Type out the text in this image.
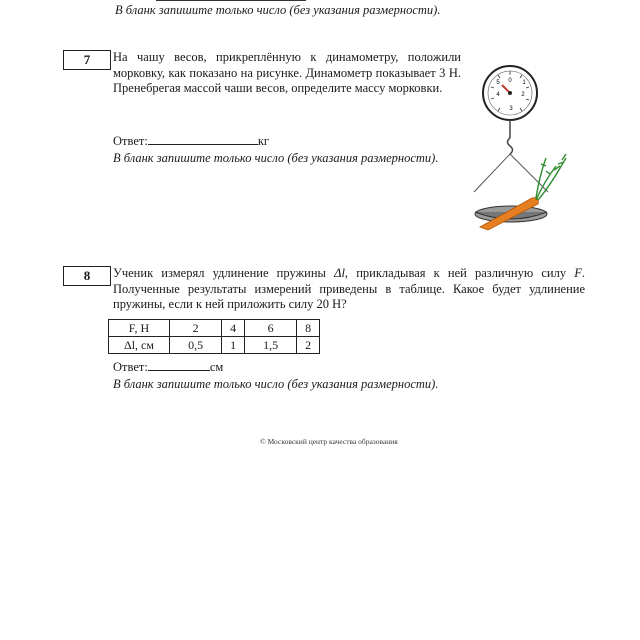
В бланк запишите только число (без указания размерности).
7	На чашу весов, прикреплённую к динамометру, положили морковку, как показано на рисунке. Динамометр показывает 3 Н. Пренебрегая массой чаши весов, определите массу морковки.
Ответ:	кг
В бланк запишите только число (без указания размерности).
0 1
2
3
4
5
8	Ученик измерял удлинение пружины Δl, прикладывая к ней различную силу F. Полученные результаты измерений приведены в таблице. Какое будет удлинение пружины, если к ней приложить силу 20 Н?
F, Н	2	4	6	8
Δl, см	0,5	1	1,5	2
Ответ:	см
В бланк запишите только число (без указания размерности).
© Московский центр качества образования
